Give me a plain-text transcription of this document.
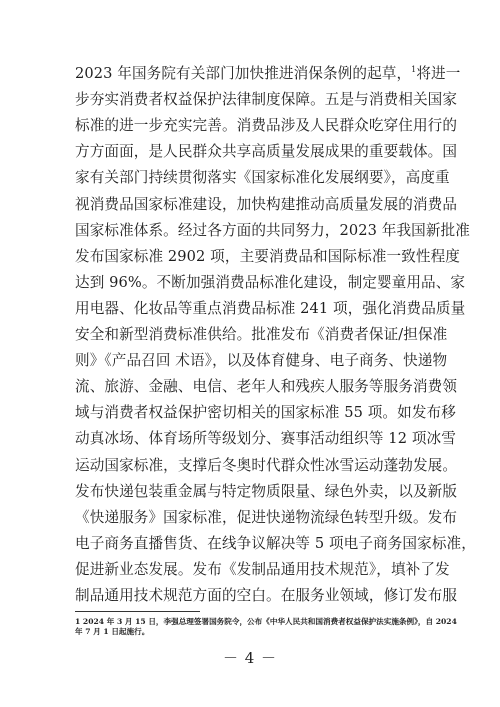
2023 年国务院有关部门加快推进消保条例的起草，$^1$将进一
步夯实消费者权益保护法律制度保障。五是与消费相关国家
标准的进一步充实完善。消费品涉及人民群众吃穿住用行的
方方面面，是人民群众共享高质量发展成果的重要载体。国
家有关部门持续贯彻落实《国家标准化发展纲要》，高度重
视消费品国家标准建设，加快构建推动高质量发展的消费品
国家标准体系。经过各方面的共同努力，2023 年我国新批准
发布国家标准 2902 项，主要消费品和国际标准一致性程度
达到 96%。不断加强消费品标准化建设，制定婴童用品、家
用电器、化妆品等重点消费品标准 241 项，强化消费品质量
安全和新型消费标准供给。批准发布《消费者保证/担保准
则》《产品召回 术语》，以及体育健身、电子商务、快递物
流、旅游、金融、电信、老年人和残疾人服务等服务消费领
域与消费者权益保护密切相关的国家标准 55 项。如发布移
动真冰场、体育场所等级划分、赛事活动组织等 12 项冰雪
运动国家标准，支撑后冬奥时代群众性冰雪运动蓬勃发展。
发布快递包装重金属与特定物质限量、绿色外卖，以及新版
《快递服务》国家标准，促进快递物流绿色转型升级。发布
电子商务直播售货、在线争议解决等 5 项电子商务国家标准，
促进新业态发展。发布《发制品通用技术规范》，填补了发
制品通用技术规范方面的空白。在服务业领域，修订发布服
1 2024 年 3 月 15 日，李强总理签署国务院令，公布《中华人民共和国消费者权益保护法实施条例》，自 2024
年 7 月 1 日起施行。
－ 4 －
